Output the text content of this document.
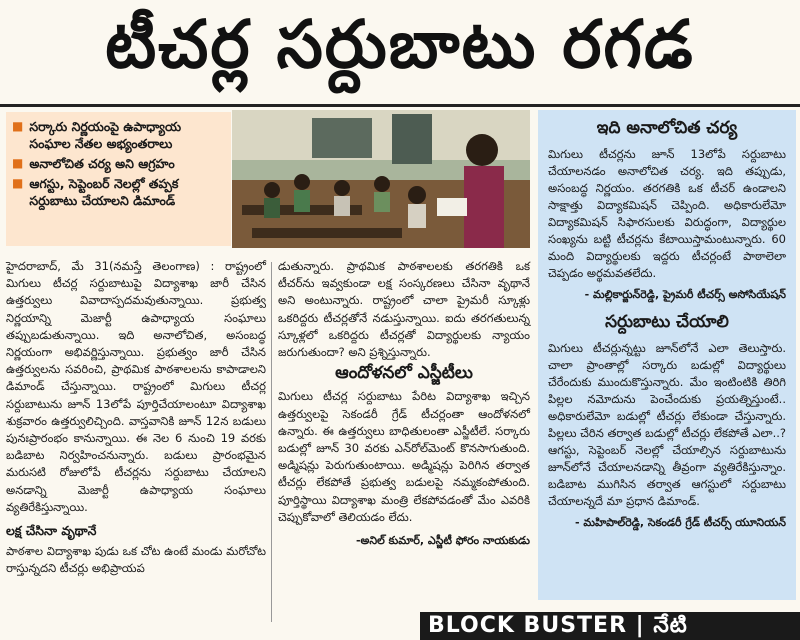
టీచర్ల సర్దుబాటు రగడ
■ సర్కారు నిర్ణయంపై ఉపాధ్యాయ సంఘాల నేతల అభ్యంతరాలు
■ అనాలోచిత చర్య అని ఆగ్రహం
■ ఆగస్టు, సెప్టెంబర్ నెలల్లో తప్పక సర్దుబాటు చేయాలని డిమాండ్

హైదరాబాద్, మే 31(నమస్తే తెలంగాణ) : రాష్ట్రంలో మిగులు టీచర్ల సర్దుబాటుపై విద్యాశాఖ జారీ చేసిన ఉత్తర్వులు వివాదాస్పదమవుతున్నాయి. ప్రభుత్వ నిర్ణయాన్ని మెజార్టీ ఉపాధ్యాయ సంఘాలు తప్పుబడుతున్నాయి. ఇది అనాలోచిత, అసంబద్ధ నిర్ణయంగా అభివర్ణిస్తున్నాయి. ప్రభుత్వం జారీ చేసిన ఉత్తర్వులను సవరించి, ప్రాథమిక పాఠశాలలను కాపాడాలని డిమాండ్ చేస్తున్నాయి. రాష్ట్రంలో మిగులు టీచర్ల సర్దుబాటును జూన్ 13లోపే పూర్తిచేయాలంటూ విద్యాశాఖ శుక్రవారం ఉత్తర్వులిచ్చింది. వాస్తవానికి జూన్ 12న బడులు పునఃప్రారంభం కానున్నాయి. ఈ నెల 6 నుంచి 19 వరకు బడిబాట నిర్వహించనున్నారు. బడులు ప్రారంభమైన మరుసటి రోజులోపే టీచర్లను సర్దుబాటు చేయాలని అనడాన్ని మెజార్టీ ఉపాధ్యాయ సంఘాలు వ్యతిరేకిస్తున్నాయి.

లక్ష చేసినా వృథానే

పాఠశాల విద్యాశాఖ పుడు ఒక చోట ఉంటే మండు మరోచోట రాస్తున్నదని టీచర్లు అభిప్రాయప

డుతున్నారు. ప్రాథమిక పాఠశాలలకు తరగతికి ఒక టీచర్‌ను ఇవ్వకుండా లక్ష సంస్కరణలు చేసినా వృథానే అని అంటున్నారు. రాష్ట్రంలో చాలా ప్రైమరీ స్కూళ్లు ఒకరిద్దరు టీచర్లతోనే నడుస్తున్నాయి. ఐదు తరగతులున్న స్కూళ్లలో ఒకరిద్దరు టీచర్లతో విద్యార్థులకు న్యాయం జరుగుతుందా? అని ప్రశ్నిస్తున్నారు.

ఆందోళనలో ఎస్జీటీలు

మిగులు టీచర్ల సర్దుబాటు పేరిట విద్యాశాఖ ఇచ్చిన ఉత్తర్వులపై సెకండరీ గ్రేడ్ టీచర్లంతా ఆందోళనలో ఉన్నారు. ఈ ఉత్తర్వులు బాధితులంతా ఎస్జీటీలే. సర్కారు బడుల్లో జూన్ 30 వరకు ఎన్‌రోల్‌మెంట్ కొనసాగుతుంది. అడ్మిషన్లు పెరుగుతుంటాయి. అడ్మిషన్లు పెరిగిన తర్వాత టీచర్లు లేకపోతే ప్రభుత్వ బడులపై నమ్మకంపోతుంది. పూర్తిస్థాయి విద్యాశాఖ మంత్రి లేకపోవడంతో మేం ఎవరికి చెప్పుకోవాలో తెలియడం లేదు.

-అనిల్ కుమార్, ఎస్జీటీ ఫోరం నాయకుడు
ఇది అనాలోచిత చర్య

మిగులు టీచర్లను జూన్ 13లోపే సర్దుబాటు చేయాలనడం అనాలోచిత చర్య. ఇది తప్పుడు, అసంబద్ధ నిర్ణయం. తరగతికి ఒక టీచర్ ఉండాలని సాక్షాత్తు విద్యాకమిషన్ చెప్పింది. అధికారులేమో విద్యాకమిషన్ సిఫారసులకు విరుద్ధంగా, విద్యార్థుల సంఖ్యను బట్టి టీచర్లను కేటాయిస్తామంటున్నారు. 60 మంది విద్యార్థులకు ఇద్దరు టీచర్లంటే పాఠాలెలా చెప్పడం అర్థమవతలేదు.

- మల్లికార్జున్‌రెడ్డి, ప్రైమరీ టీచర్స్ అసోసియేషన్
సర్దుబాటు చేయాలి

మిగులు టీచర్లున్నట్టు జూన్‌లోనే ఎలా తెలుస్తారు. చాలా ప్రాంతాల్లో సర్కారు బడుల్లో విద్యార్థులు చేరేందుకు ముందుకొస్తున్నారు. మేం ఇంటింటికి తిరిగి పిల్లల నమోదును పెంచేందుకు ప్రయత్నిస్తుంటే.. అధికారులేమో బడుల్లో టీచర్లు లేకుండా చేస్తున్నారు. పిల్లలు చేరిన తర్వాత బడుల్లో టీచర్లు లేకపోతే ఎలా..? ఆగస్టు, సెప్టెంబర్ నెలల్లో చేయాల్సిన సర్దుబాటును జూన్‌లోనే చేయాలనడాన్ని తీవ్రంగా వ్యతిరేకిస్తున్నాం. బడిబాట ముగిసిన తర్వాత ఆగస్టులో సర్దుబాటు చేయాలన్నదే మా ప్రధాన డిమాండ్.

- మహిపాల్‌రెడ్డి, సెకండరీ గ్రేడ్ టీచర్స్ యూనియన్
BLOCK BUSTER | నేటి
